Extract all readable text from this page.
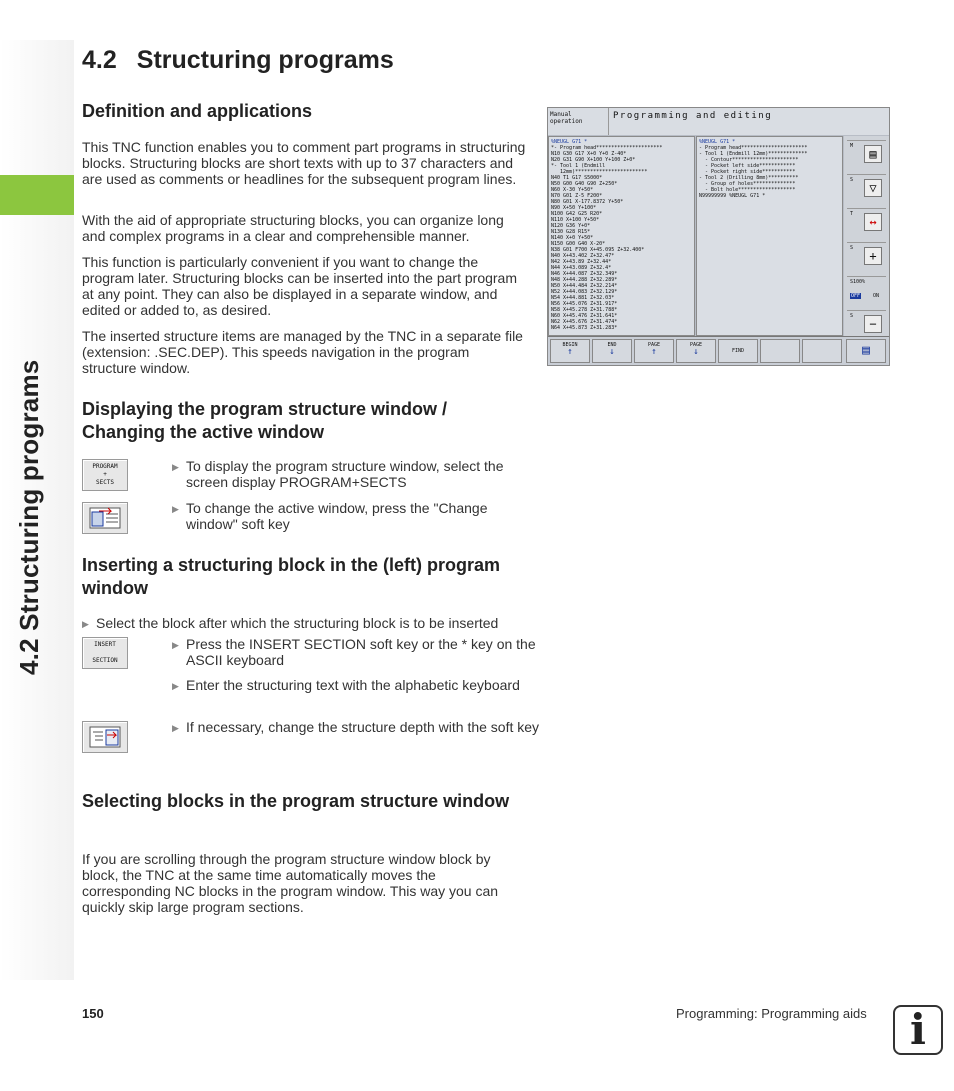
4.2 Structuring programs
4.2 Structuring programs
Definition and applications

This TNC function enables you to comment part programs in structuring blocks. Structuring blocks are short texts with up to 37 characters and are used as comments or headlines for the subsequent program lines.

With the aid of appropriate structuring blocks, you can organize long and complex programs in a clear and comprehensible manner.

This function is particularly convenient if you want to change the program later. Structuring blocks can be inserted into the part program at any point. They can also be displayed in a separate window, and edited or added to, as desired.

The inserted structure items are managed by the TNC in a separate file (extension: .SEC.DEP). This speeds navigation in the program structure window.

Manual
operation
Programming and editing
%NEUGL G71 *
*- Program head**********************
N10 G30 G17 X+0 Y+0 Z-40*
N20 G31 G90 X+100 Y+100 Z+0*
*- Tool 1 (Endmill
12mm)************************
N40 T1 G17 S5000*
N50 G00 G40 G90 Z+250*
N60 X-30 Y+50*
N70 G01 Z-5 F200*
N80 G01 X-177.8372 Y+50*
N90 X+50 Y+100*
N100 G42 G25 R20*
N110 X+100 Y+50*
N120 G36 Y+0*
N130 G28 R15*
N140 X+0 Y+50*
N150 G00 G40 X-20*
N38 G01 F700 X+45.095 Z+32.400*
N40 X+43.402 Z+32.47*
N42 X+43.89 Z+32.44*
N44 X+43.089 Z+32.4*
N46 X+44.087 Z+32.349*
N48 X+44.288 Z+32.289*
N50 X+44.484 Z+32.214*
N52 X+44.083 Z+32.129*
N54 X+44.881 Z+32.03*
N56 X+45.076 Z+31.917*
N58 X+45.278 Z+31.788*
N60 X+45.476 Z+31.641*
N62 X+45.676 Z+31.474*
N64 X+45.873 Z+31.283*
%NEUGL G71 *
- Program head**********************
- Tool 1 (Endmill 12mm)*************
- Contour**********************
- Pocket left side************
- Pocket right side***********
- Tool 2 (Drilling 8mm)**********
- Group of holes**************
- Bolt hole*******************
N99999999 %NEUGL G71 *
M
▤
S
▽
T
↔
S
+
S100%
OFF	ON
S
−
BEGIN
↑
END
↓
PAGE
↑
PAGE
↓	FIND	▤
Displaying the program structure window / Changing the active window
PROGRAM
+
SECTS
▶ To display the program structure window, select the screen display PROGRAM+SECTS
▶ To change the active window, press the "Change window" soft key
Inserting a structuring block in the (left) program window
▶ Select the block after which the structuring block is to be inserted
INSERT

SECTION
▶ Press the INSERT SECTION soft key or the * key on the ASCII keyboard
▶ Enter the structuring text with the alphabetic keyboard
▶ If necessary, change the structure depth with the soft key
Selecting blocks in the program structure window

If you are scrolling through the program structure window block by block, the TNC at the same time automatically moves the corresponding NC blocks in the program window. This way you can quickly skip large program sections.

150	Programming: Programming aids	i
